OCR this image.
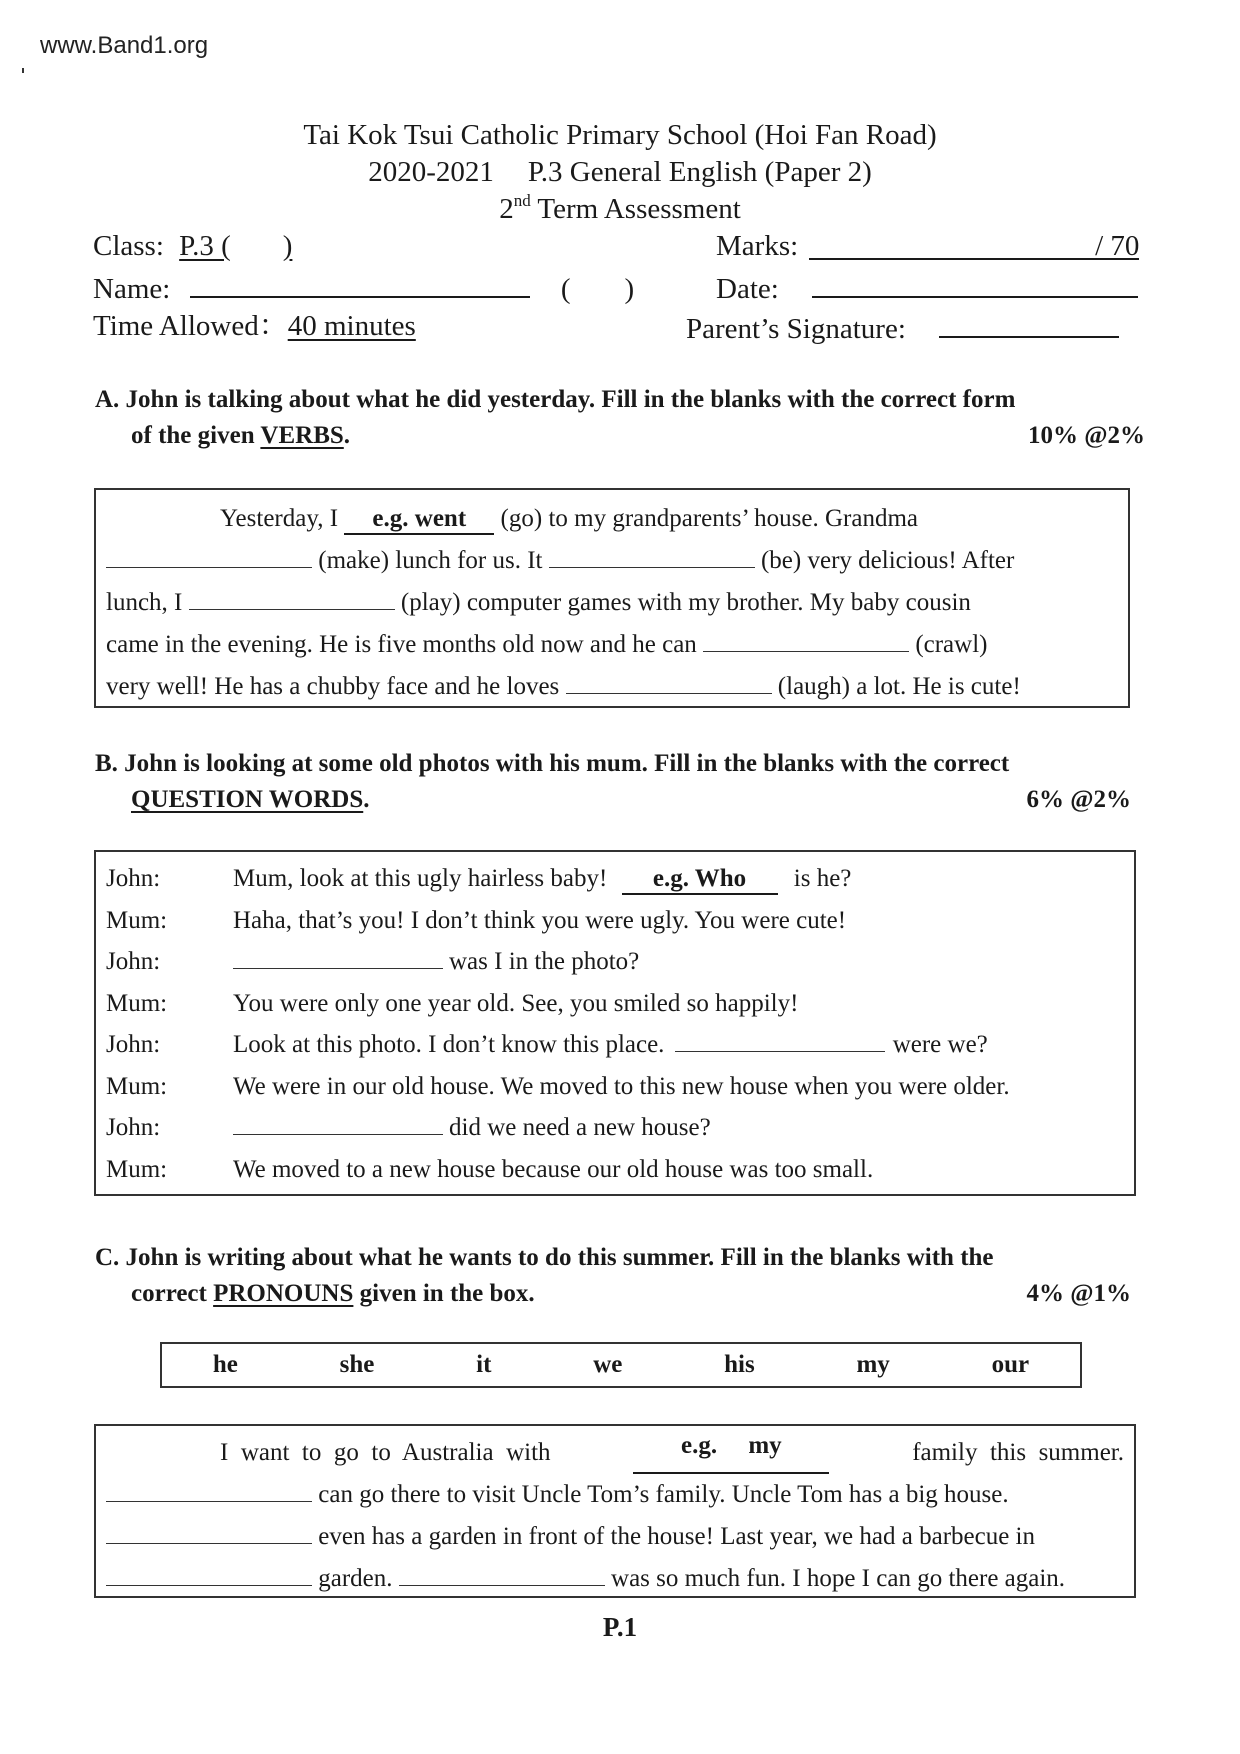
www.Band1.org
Tai Kok Tsui Catholic Primary School (Hoi Fan Road)
2020-2021 P.3 General English (Paper 2)
2nd Term Assessment
Class: P.3 ( )
Name:	( )
Time Allowed：40 minutes
Marks:	/ 70
Date:
Parent’s Signature:
A. John is talking about what he did yesterday. Fill in the blanks with the correct form
of the given VERBS.	10% @2%
Yesterday, I e.g. went (go) to my grandparents’ house. Grandma
(make) lunch for us. It	(be) very delicious! After
lunch, I	(play) computer games with my brother. My baby cousin
came in the evening. He is five months old now and he can	(crawl)
very well! He has a chubby face and he loves	(laugh) a lot. He is cute!
B. John is looking at some old photos with his mum. Fill in the blanks with the correct
QUESTION WORDS.	6% @2%
John:	Mum, look at this ugly hairless baby! e.g. Who is he?
Mum:	Haha, that’s you! I don’t think you were ugly. You were cute!
John:	was I in the photo?
Mum:	You were only one year old. See, you smiled so happily!
John:	Look at this photo. I don’t know this place.	were we?
Mum:	We were in our old house. We moved to this new house when you were older.
John:	did we need a new house?
Mum:	We moved to a new house because our old house was too small.
C. John is writing about what he wants to do this summer. Fill in the blanks with the
correct PRONOUNS given in the box.	4% @1%
he	she	it	we	his	my	our
I  want  to  go  to  Australia  with	e.g.     my	family  this  summer.
can go there to visit Uncle Tom’s family. Uncle Tom has a big house.
even has a garden in front of the house! Last year, we had a barbecue in
garden.	was so much fun. I hope I can go there again.
P.1
